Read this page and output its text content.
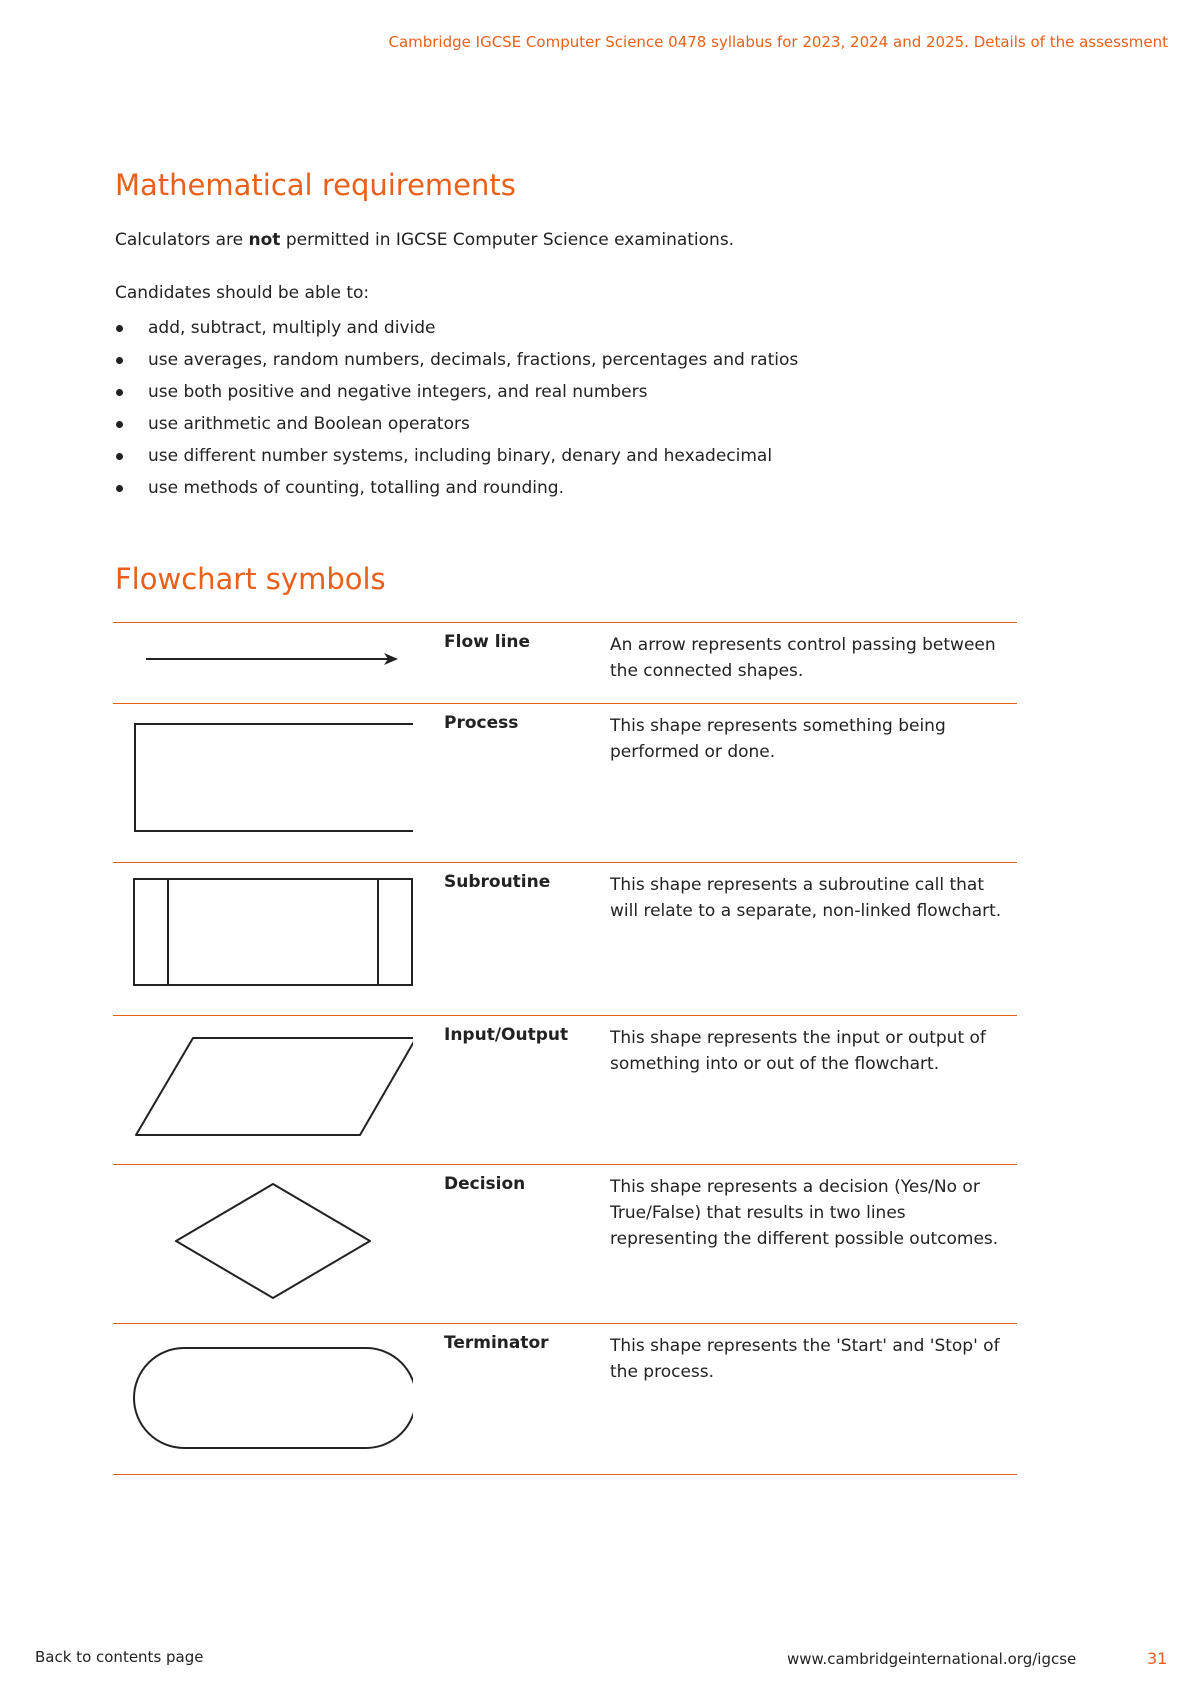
Cambridge IGCSE Computer Science 0478 syllabus for 2023, 2024 and 2025. Details of the assessment
Mathematical requirements

Calculators are not permitted in IGCSE Computer Science examinations.

Candidates should be able to:

add, subtract, multiply and divide
use averages, random numbers, decimals, fractions, percentages and ratios
use both positive and negative integers, and real numbers
use arithmetic and Boolean operators
use different number systems, including binary, denary and hexadecimal
use methods of counting, totalling and rounding.
Flowchart symbols
Flow line	An arrow represents control passing between the connected shapes.
Process	This shape represents something being performed or done.
Subroutine	This shape represents a subroutine call that will relate to a separate, non-linked flowchart.
Input/Output This shape represents the input or output of something into or out of the flowchart.
Decision	This shape represents a decision (Yes/No or True/False) that results in two lines representing the different possible outcomes.
Terminator	This shape represents the 'Start' and 'Stop' of the process.
Back to contents page	www.cambridgeinternational.org/igcse	31
